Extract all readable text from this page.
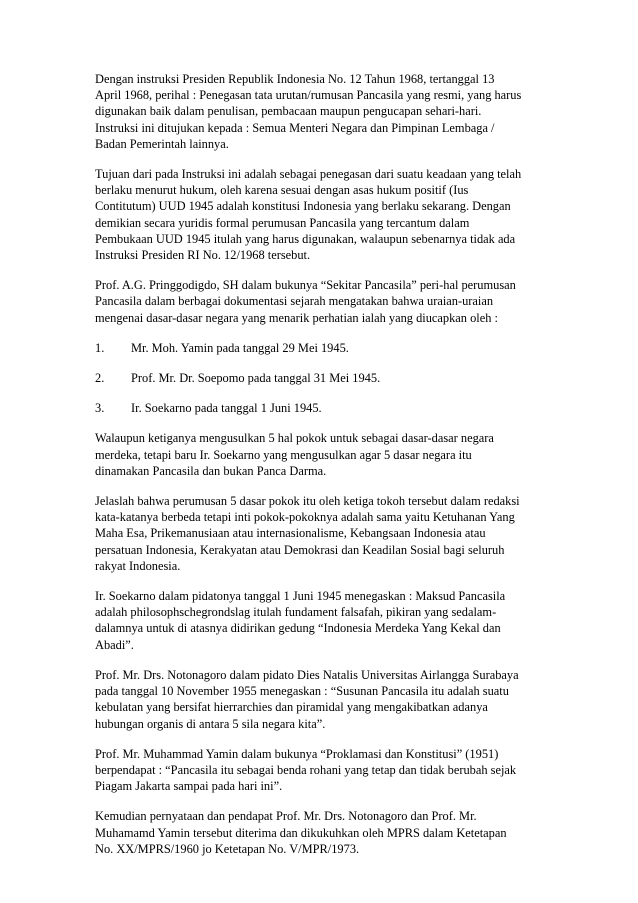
Dengan instruksi Presiden Republik Indonesia No. 12 Tahun 1968, tertanggal 13
April 1968, perihal : Penegasan tata urutan/rumusan Pancasila yang resmi, yang harus
digunakan baik dalam penulisan, pembacaan maupun pengucapan sehari-hari.
Instruksi ini ditujukan kepada : Semua Menteri Negara dan Pimpinan Lembaga /
Badan Pemerintah lainnya.

Tujuan dari pada Instruksi ini adalah sebagai penegasan dari suatu keadaan yang telah
berlaku menurut hukum, oleh karena sesuai dengan asas hukum positif (Ius
Contitutum) UUD 1945 adalah konstitusi Indonesia yang berlaku sekarang. Dengan
demikian secara yuridis formal perumusan Pancasila yang tercantum dalam
Pembukaan UUD 1945 itulah yang harus digunakan, walaupun sebenarnya tidak ada
Instruksi Presiden RI No. 12/1968 tersebut.

Prof. A.G. Pringgodigdo, SH dalam bukunya “Sekitar Pancasila” peri-hal perumusan
Pancasila dalam berbagai dokumentasi sejarah mengatakan bahwa uraian-uraian
mengenai dasar-dasar negara yang menarik perhatian ialah yang diucapkan oleh :

1. Mr. Moh. Yamin pada tanggal 29 Mei 1945.
2. Prof. Mr. Dr. Soepomo pada tanggal 31 Mei 1945.
3. Ir. Soekarno pada tanggal 1 Juni 1945.

Walaupun ketiganya mengusulkan 5 hal pokok untuk sebagai dasar-dasar negara
merdeka, tetapi baru Ir. Soekarno yang mengusulkan agar 5 dasar negara itu
dinamakan Pancasila dan bukan Panca Darma.

Jelaslah bahwa perumusan 5 dasar pokok itu oleh ketiga tokoh tersebut dalam redaksi
kata-katanya berbeda tetapi inti pokok-pokoknya adalah sama yaitu Ketuhanan Yang
Maha Esa, Prikemanusiaan atau internasionalisme, Kebangsaan Indonesia atau
persatuan Indonesia, Kerakyatan atau Demokrasi dan Keadilan Sosial bagi seluruh
rakyat Indonesia.

Ir. Soekarno dalam pidatonya tanggal 1 Juni 1945 menegaskan : Maksud Pancasila
adalah philosophschegrondslag itulah fundament falsafah, pikiran yang sedalam-
dalamnya untuk di atasnya didirikan gedung “Indonesia Merdeka Yang Kekal dan
Abadi”.

Prof. Mr. Drs. Notonagoro dalam pidato Dies Natalis Universitas Airlangga Surabaya
pada tanggal 10 November 1955 menegaskan : “Susunan Pancasila itu adalah suatu
kebulatan yang bersifat hierrarchies dan piramidal yang mengakibatkan adanya
hubungan organis di antara 5 sila negara kita”.

Prof. Mr. Muhammad Yamin dalam bukunya “Proklamasi dan Konstitusi” (1951)
berpendapat : “Pancasila itu sebagai benda rohani yang tetap dan tidak berubah sejak
Piagam Jakarta sampai pada hari ini”.

Kemudian pernyataan dan pendapat Prof. Mr. Drs. Notonagoro dan Prof. Mr.
Muhamamd Yamin tersebut diterima dan dikukuhkan oleh MPRS dalam Ketetapan
No. XX/MPRS/1960 jo Ketetapan No. V/MPR/1973.
